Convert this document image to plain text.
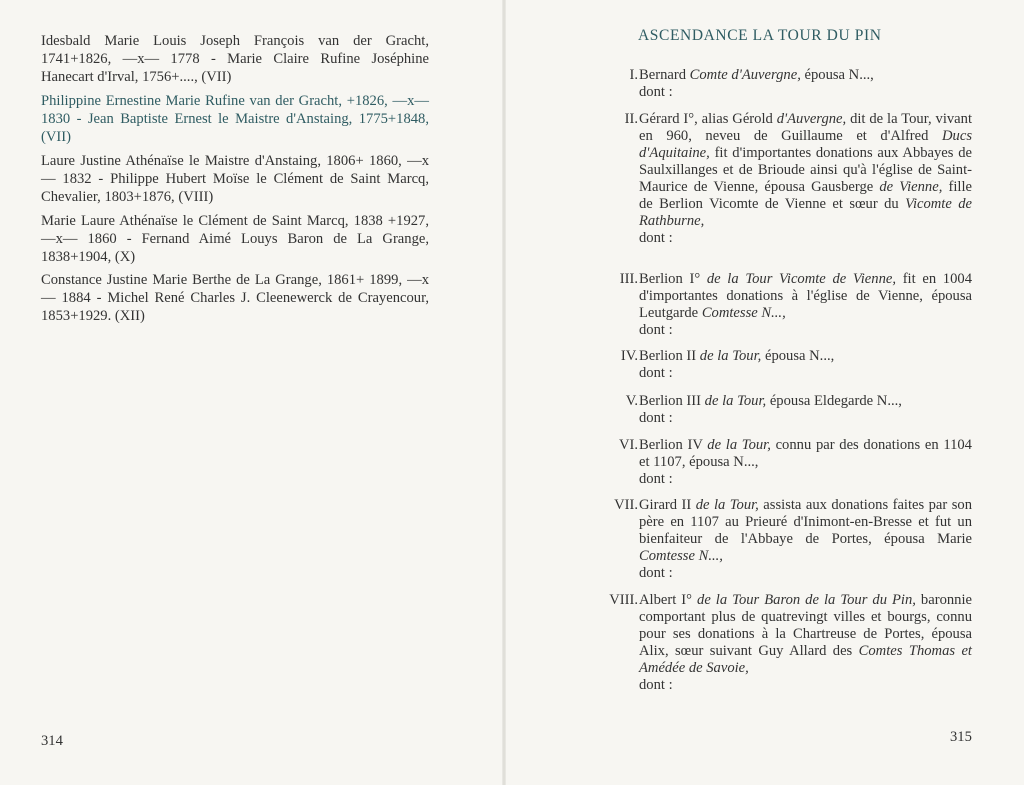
Idesbald Marie Louis Joseph François van der Gracht, 1741+1826, —x— 1778 - Marie Claire Rufine Joséphine Hanecart d'Irval, 1756+...., (VII)
Philippine Ernestine Marie Rufine van der Gracht, +1826, —x— 1830 - Jean Baptiste Ernest le Maistre d'Anstaing, 1775+1848, (VII)
Laure Justine Athénaïse le Maistre d'Anstaing, 1806+ 1860, —x— 1832 - Philippe Hubert Moïse le Clément de Saint Marcq, Chevalier, 1803+1876, (VIII)
Marie Laure Athénaïse le Clément de Saint Marcq, 1838 +1927, —x— 1860 - Fernand Aimé Louys Baron de La Grange, 1838+1904, (X)
Constance Justine Marie Berthe de La Grange, 1861+ 1899, —x— 1884 - Michel René Charles J. Cleenewerck de Crayencour, 1853+1929. (XII)
314
ASCENDANCE LA TOUR DU PIN
I. Bernard Comte d'Auvergne, épousa N...,
dont :
II. Gérard I°, alias Gérold d'Auvergne, dit de la Tour, vivant en 960, neveu de Guillaume et d'Alfred Ducs d'Aquitaine, fit d'importantes donations aux Abbayes de Saulxillanges et de Brioude ainsi qu'à l'église de Saint-Maurice de Vienne, épousa Gausberge de Vienne, fille de Berlion Vicomte de Vienne et sœur du Vicomte de Rathburne,
dont :
III. Berlion I° de la Tour Vicomte de Vienne, fit en 1004 d'importantes donations à l'église de Vienne, épousa Leutgarde Comtesse N...,
dont :
IV. Berlion II de la Tour, épousa N...,
dont :
V. Berlion III de la Tour, épousa Eldegarde N...,
dont :
VI. Berlion IV de la Tour, connu par des donations en 1104 et 1107, épousa N...,
dont :
VII. Girard II de la Tour, assista aux donations faites par son père en 1107 au Prieuré d'Inimont-en-Bresse et fut un bienfaiteur de l'Abbaye de Portes, épousa Marie Comtesse N...,
dont :
VIII. Albert I° de la Tour Baron de la Tour du Pin, baronnie comportant plus de quatrevingt villes et bourgs, connu pour ses donations à la Chartreuse de Portes, épousa Alix, sœur suivant Guy Allard des Comtes Thomas et Amédée de Savoie,
dont :
315
